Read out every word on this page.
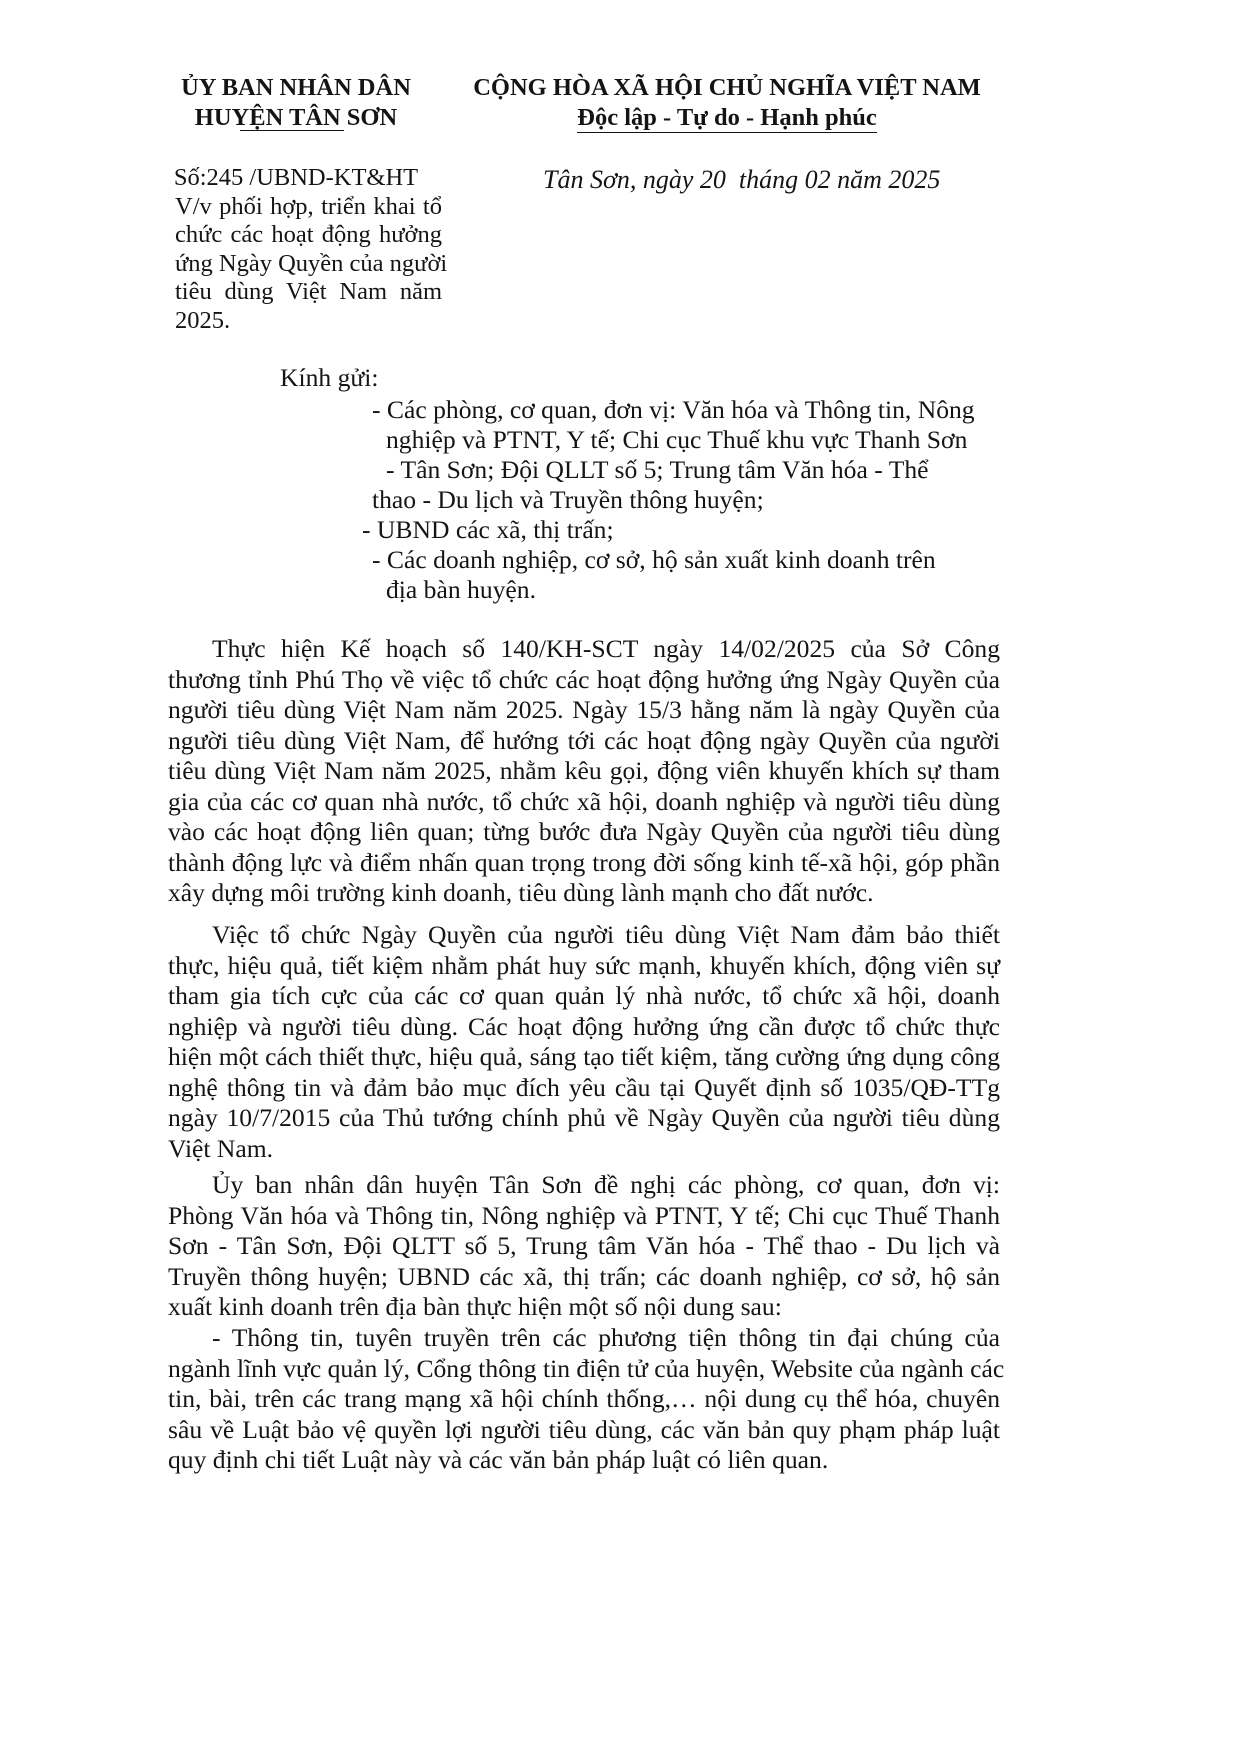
ỦY BAN NHÂN DÂN
HUYỆN TÂN SƠN
CỘNG HÒA XÃ HỘI CHỦ NGHĨA VIỆT NAM
Độc lập - Tự do - Hạnh phúc
Số:245 /UBND-KT&HT
V/v phối hợp, triển khai tổ
chức các hoạt động hưởng
ứng Ngày Quyền của người
tiêu dùng Việt Nam năm
2025.
Tân Sơn, ngày 20  tháng 02 năm 2025
Kính gửi:
- Các phòng, cơ quan, đơn vị: Văn hóa và Thông tin, Nông
nghiệp và PTNT, Y tế; Chi cục Thuế khu vực Thanh Sơn
- Tân Sơn; Đội QLLT số 5; Trung tâm Văn hóa - Thể
thao - Du lịch và Truyền thông huyện;
- UBND các xã, thị trấn;
- Các doanh nghiệp, cơ sở, hộ sản xuất kinh doanh trên
địa bàn huyện.
Thực hiện Kế hoạch số 140/KH-SCT ngày 14/02/2025 của Sở Công
thương tỉnh Phú Thọ về việc tổ chức các hoạt động hưởng ứng Ngày Quyền của
người tiêu dùng Việt Nam năm 2025. Ngày 15/3 hằng năm là ngày Quyền của
người tiêu dùng Việt Nam, để hướng tới các hoạt động ngày Quyền của người
tiêu dùng Việt Nam năm 2025, nhằm kêu gọi, động viên khuyến khích sự tham
gia của các cơ quan nhà nước, tổ chức xã hội, doanh nghiệp và người tiêu dùng
vào các hoạt động liên quan; từng bước đưa Ngày Quyền của người tiêu dùng
thành động lực và điểm nhấn quan trọng trong đời sống kinh tế-xã hội, góp phần
xây dựng môi trường kinh doanh, tiêu dùng lành mạnh cho đất nước.
Việc tổ chức Ngày Quyền của người tiêu dùng Việt Nam đảm bảo thiết
thực, hiệu quả, tiết kiệm nhằm phát huy sức mạnh, khuyến khích, động viên sự
tham gia tích cực của các cơ quan quản lý nhà nước, tổ chức xã hội, doanh
nghiệp và người tiêu dùng. Các hoạt động hưởng ứng cần được tổ chức thực
hiện một cách thiết thực, hiệu quả, sáng tạo tiết kiệm, tăng cường ứng dụng công
nghệ thông tin và đảm bảo mục đích yêu cầu tại Quyết định số 1035/QĐ-TTg
ngày 10/7/2015 của Thủ tướng chính phủ về Ngày Quyền của người tiêu dùng
Việt Nam.
Ủy ban nhân dân huyện Tân Sơn đề nghị các phòng, cơ quan, đơn vị:
Phòng Văn hóa và Thông tin, Nông nghiệp và PTNT, Y tế; Chi cục Thuế Thanh
Sơn - Tân Sơn, Đội QLTT số 5, Trung tâm Văn hóa - Thể thao - Du lịch và
Truyền thông huyện; UBND các xã, thị trấn; các doanh nghiệp, cơ sở, hộ sản
xuất kinh doanh trên địa bàn thực hiện một số nội dung sau:
- Thông tin, tuyên truyền trên các phương tiện thông tin đại chúng của
ngành lĩnh vực quản lý, Cổng thông tin điện tử của huyện, Website của ngành các
tin, bài, trên các trang mạng xã hội chính thống,… nội dung cụ thể hóa, chuyên
sâu về Luật bảo vệ quyền lợi người tiêu dùng, các văn bản quy phạm pháp luật
quy định chi tiết Luật này và các văn bản pháp luật có liên quan.
